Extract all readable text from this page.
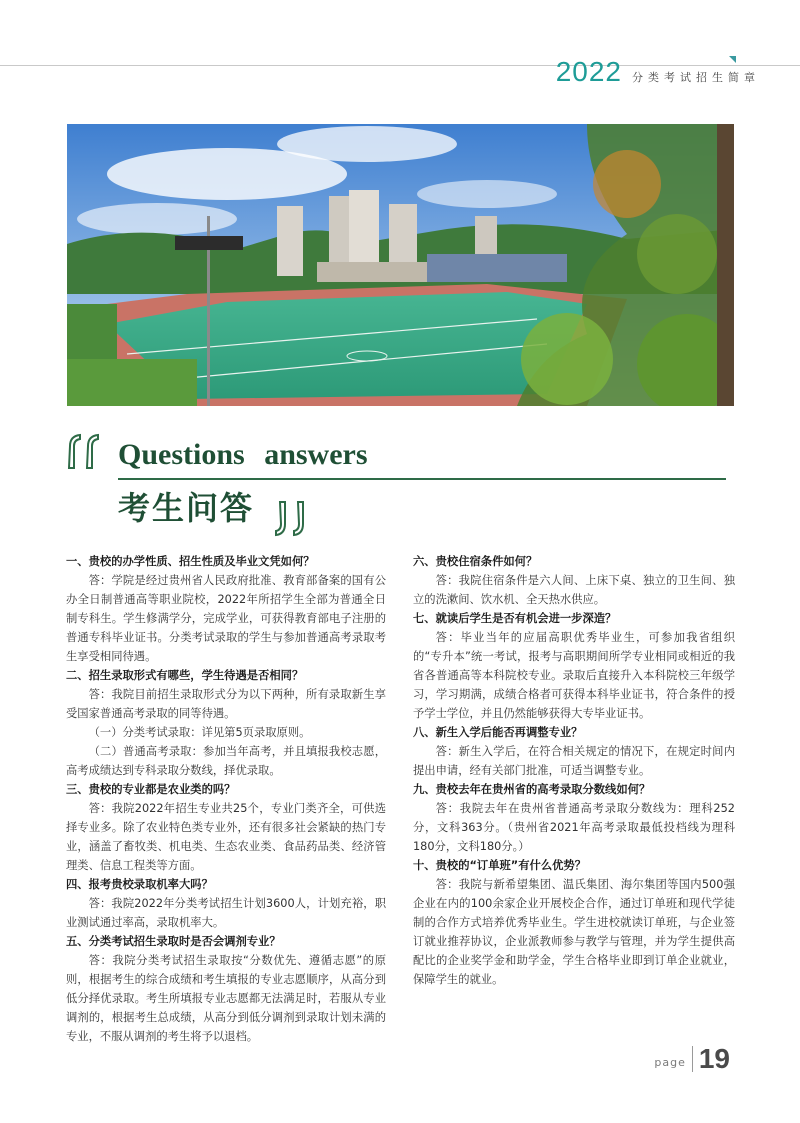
2022 分类考试招生简章
Questions answers
考生问答

一、贵校的办学性质、招生性质及毕业文凭如何？

答：学院是经过贵州省人民政府批准、教育部备案的国有公办全日制普通高等职业院校，2022年所招学生全部为普通全日制专科生。学生修满学分，完成学业，可获得教育部电子注册的普通专科毕业证书。分类考试录取的学生与参加普通高考录取考生享受相同待遇。

二、招生录取形式有哪些，学生待遇是否相同？

答：我院目前招生录取形式分为以下两种，所有录取新生享受国家普通高考录取的同等待遇。

（一）分类考试录取：详见第5页录取原则。

（二）普通高考录取：参加当年高考，并且填报我校志愿，高考成绩达到专科录取分数线，择优录取。

三、贵校的专业都是农业类的吗？

答：我院2022年招生专业共25个，专业门类齐全，可供选择专业多。除了农业特色类专业外，还有很多社会紧缺的热门专业，涵盖了畜牧类、机电类、生态农业类、食品药品类、经济管理类、信息工程类等方面。

四、报考贵校录取机率大吗？

答：我院2022年分类考试招生计划3600人，计划充裕，职业测试通过率高，录取机率大。

五、分类考试招生录取时是否会调剂专业？

答：我院分类考试招生录取按“分数优先、遵循志愿”的原则，根据考生的综合成绩和考生填报的专业志愿顺序，从高分到低分择优录取。考生所填报专业志愿都无法满足时，若服从专业调剂的，根据考生总成绩，从高分到低分调剂到录取计划未满的专业，不服从调剂的考生将予以退档。

六、贵校住宿条件如何？

答：我院住宿条件是六人间、上床下桌、独立的卫生间、独立的洗漱间、饮水机、全天热水供应。

七、就读后学生是否有机会进一步深造？

答：毕业当年的应届高职优秀毕业生，可参加我省组织的“专升本”统一考试，报考与高职期间所学专业相同或相近的我省各普通高等本科院校专业。录取后直接升入本科院校三年级学习，学习期满，成绩合格者可获得本科毕业证书，符合条件的授予学士学位，并且仍然能够获得大专毕业证书。

八、新生入学后能否再调整专业？

答：新生入学后，在符合相关规定的情况下，在规定时间内提出申请，经有关部门批准，可适当调整专业。

九、贵校去年在贵州省的高考录取分数线如何？

答：我院去年在贵州省普通高考录取分数线为：理科252分，文科363分。（贵州省2021年高考录取最低投档线为理科180分，文科180分。）

十、贵校的“订单班”有什么优势？

答：我院与新希望集团、温氏集团、海尔集团等国内500强企业在内的100余家企业开展校企合作，通过订单班和现代学徒制的合作方式培养优秀毕业生。学生进校就读订单班，与企业签订就业推荐协议，企业派教师参与教学与管理，并为学生提供高配比的企业奖学金和助学金，学生合格毕业即到订单企业就业，保障学生的就业。

page 19
